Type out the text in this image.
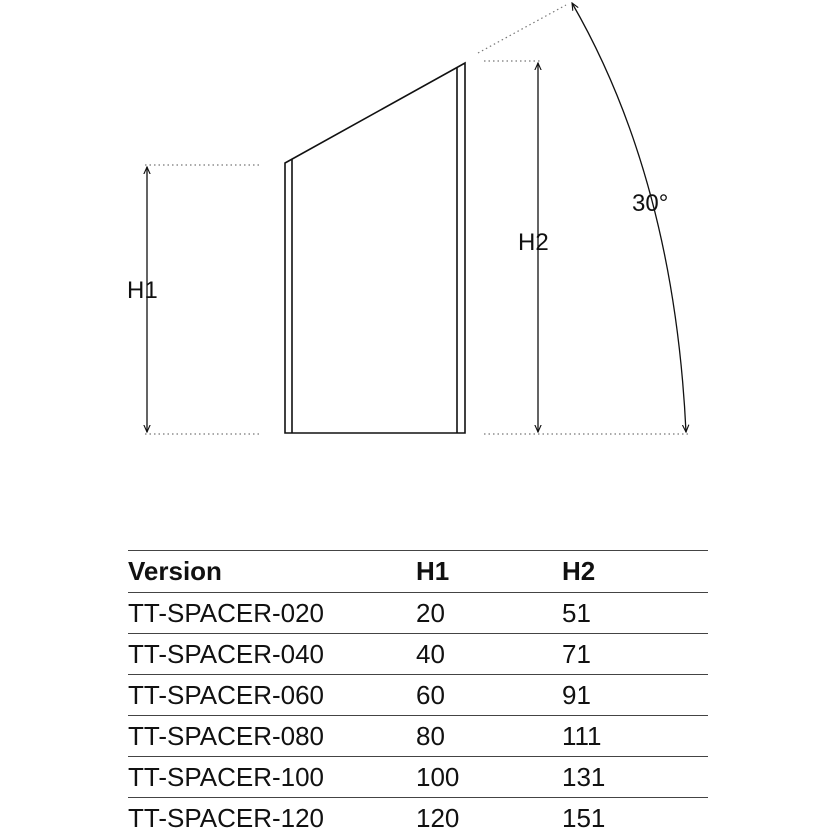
H1
H2
30°
Version	H1	H2
TT-SPACER-020	20	51
TT-SPACER-040	40	71
TT-SPACER-060	60	91
TT-SPACER-080	80	111
TT-SPACER-100	100	131
TT-SPACER-120	120	151
